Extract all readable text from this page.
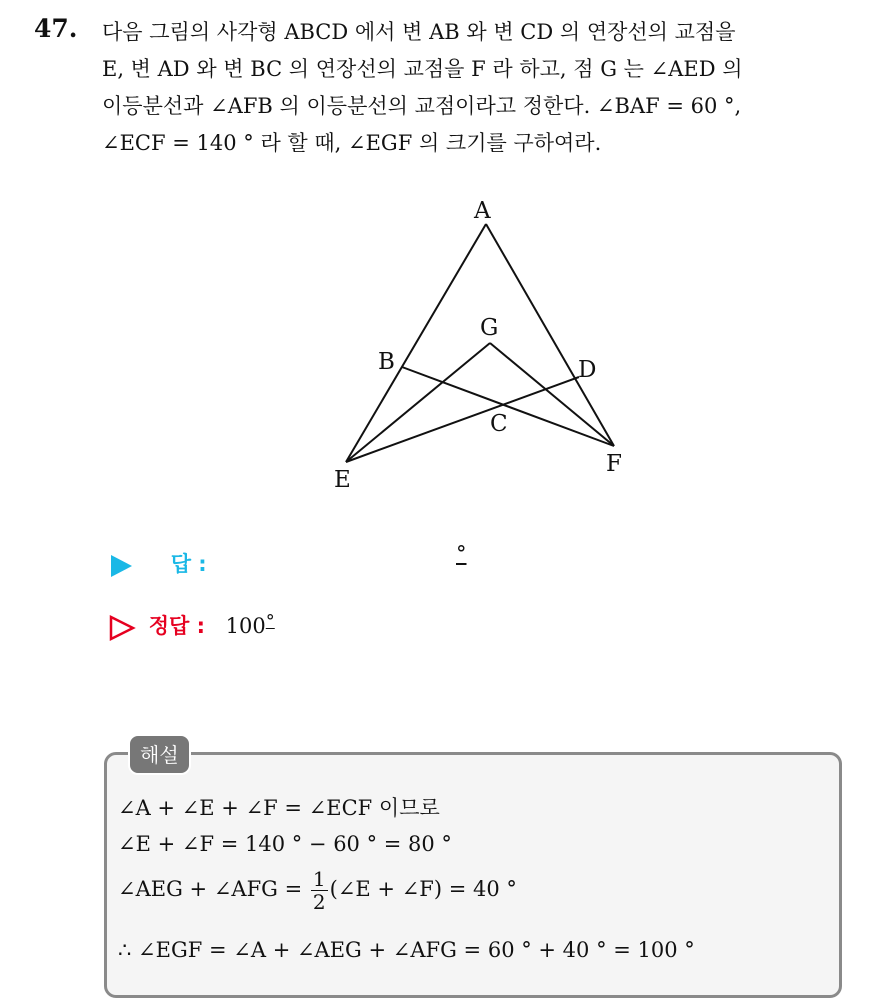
47. 다음 그림의 사각형 ABCD 에서 변 AB 와 변 CD 의 연장선의 교점을
E, 변 AD 와 변 BC 의 연장선의 교점을 F 라 하고, 점 G 는 ∠AED 의
이등분선과 ∠AFB 의 이등분선의 교점이라고 정한다. ∠BAF = 60 °,
∠ECF = 140 ° 라 할 때, ∠EGF 의 크기를 구하여라.
A
B
G
D
C
E
F
답 :	°
정답 : 100°
해설
∠A + ∠E + ∠F = ∠ECF 이므로
∠E + ∠F = 140 ° − 60 ° = 80 °
∠AEG + ∠AFG = $\frac{1}{2}$ (∠E + ∠F) = 40 °
∴ ∠EGF = ∠A + ∠AEG + ∠AFG = 60 ° + 40 ° = 100 °
